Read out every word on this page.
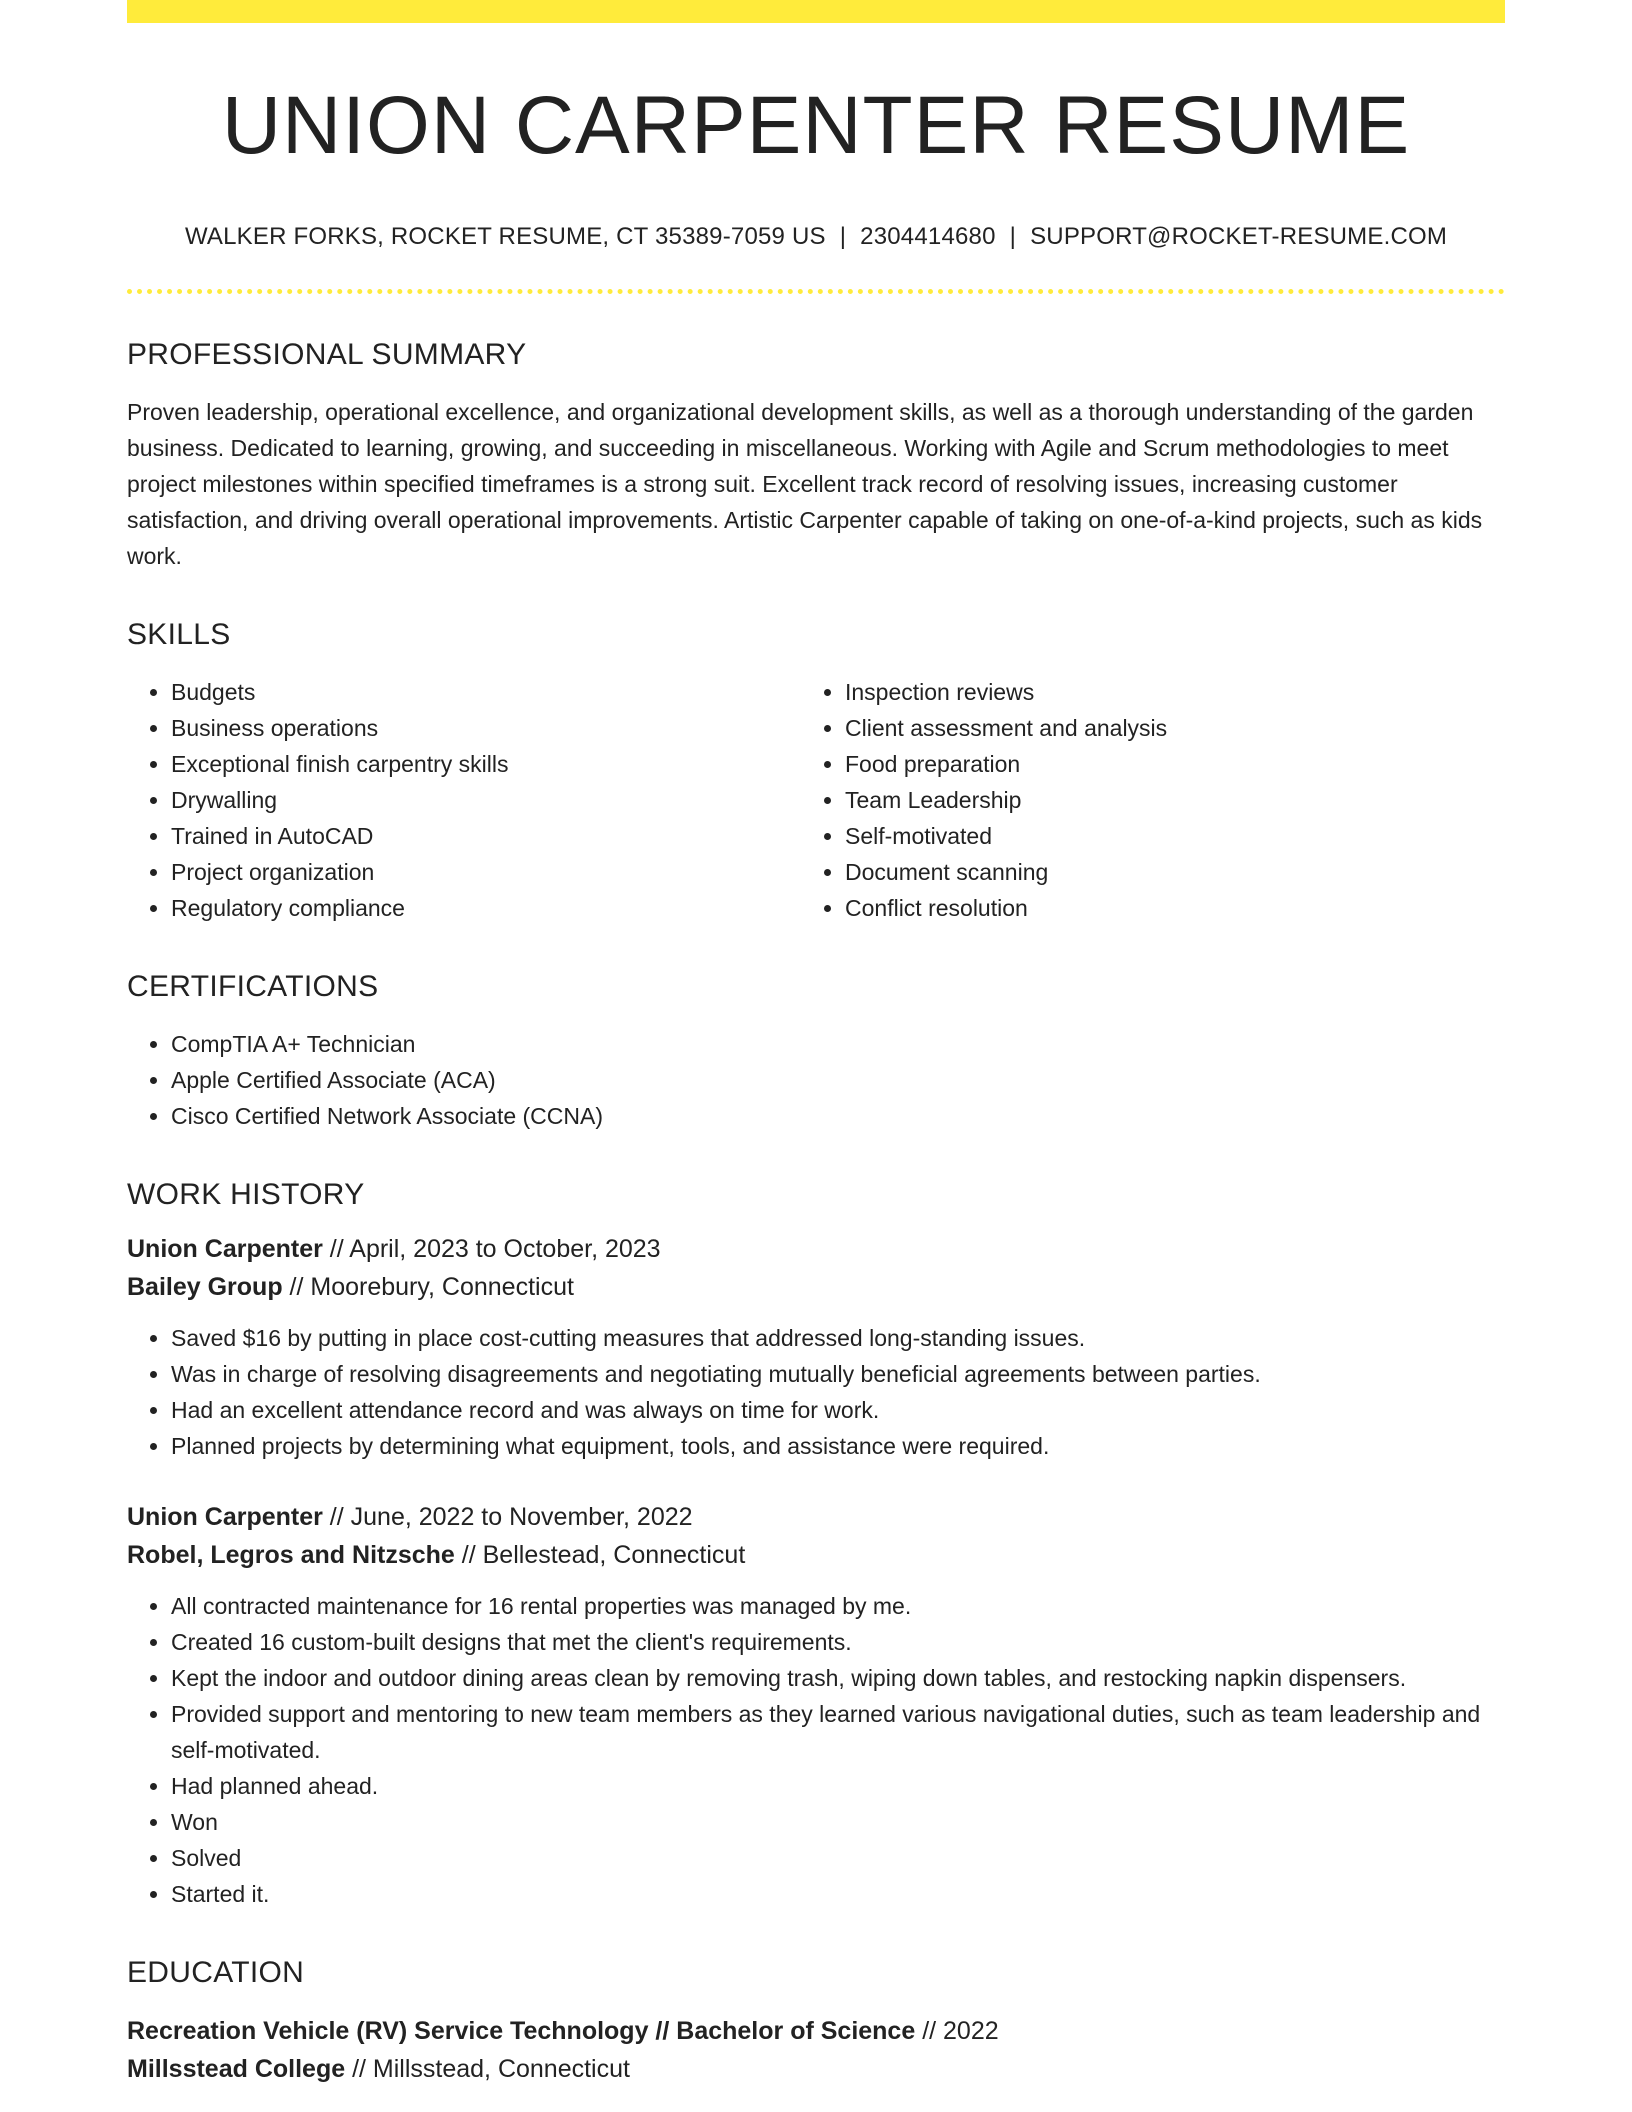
UNION CARPENTER RESUME
WALKER FORKS, ROCKET RESUME, CT 35389-7059 US | 2304414680 | SUPPORT@ROCKET-RESUME.COM
PROFESSIONAL SUMMARY

Proven leadership, operational excellence, and organizational development skills, as well as a thorough understanding of the garden business. Dedicated to learning, growing, and succeeding in miscellaneous. Working with Agile and Scrum methodologies to meet project milestones within specified timeframes is a strong suit. Excellent track record of resolving issues, increasing customer satisfaction, and driving overall operational improvements. Artistic Carpenter capable of taking on one-of-a-kind projects, such as kids work.

SKILLS
• Budgets
• Business operations
• Exceptional finish carpentry skills
• Drywalling
• Trained in AutoCAD
• Project organization
• Regulatory compliance
• Inspection reviews
• Client assessment and analysis
• Food preparation
• Team Leadership
• Self-motivated
• Document scanning
• Conflict resolution
CERTIFICATIONS
• CompTIA A+ Technician
• Apple Certified Associate (ACA)
• Cisco Certified Network Associate (CCNA)
WORK HISTORY
Union Carpenter // April, 2023 to October, 2023
Bailey Group // Moorebury, Connecticut
• Saved $16 by putting in place cost-cutting measures that addressed long-standing issues.
• Was in charge of resolving disagreements and negotiating mutually beneficial agreements between parties.
• Had an excellent attendance record and was always on time for work.
• Planned projects by determining what equipment, tools, and assistance were required.
Union Carpenter // June, 2022 to November, 2022
Robel, Legros and Nitzsche // Bellestead, Connecticut
• All contracted maintenance for 16 rental properties was managed by me.
• Created 16 custom-built designs that met the client's requirements.
• Kept the indoor and outdoor dining areas clean by removing trash, wiping down tables, and restocking napkin dispensers.
• Provided support and mentoring to new team members as they learned various navigational duties, such as team leadership and self-motivated.
• Had planned ahead.
• Won
• Solved
• Started it.
EDUCATION
Recreation Vehicle (RV) Service Technology // Bachelor of Science // 2022
Millsstead College // Millsstead, Connecticut
